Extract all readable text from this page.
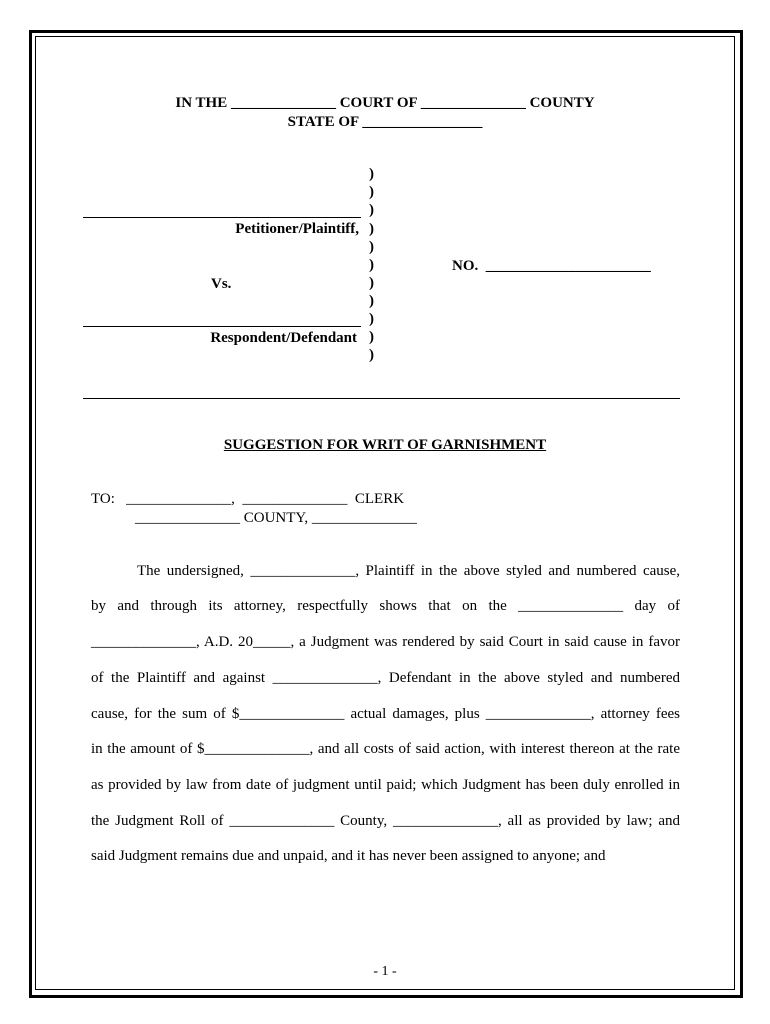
IN THE ______________ COURT OF ______________ COUNTY
STATE OF ________________
)
)
)
)
)
)
)
)
)
)
)
Petitioner/Plaintiff,
Vs.
Respondent/Defendant
NO.  ______________________
SUGGESTION FOR WRIT OF GARNISHMENT
TO:   ______________,  ______________  CLERK
______________ COUNTY, ______________
The undersigned, ______________, Plaintiff in the above styled and numbered cause,
by and through its attorney, respectfully shows that on the ______________ day of
______________, A.D. 20_____, a Judgment was rendered by said Court in said cause in favor
of the Plaintiff and against ______________, Defendant in the above styled and numbered
cause, for the sum of $______________ actual damages, plus ______________, attorney fees
in the amount of $______________, and all costs of said action, with interest thereon at the rate
as provided by law from date of judgment until paid; which Judgment has been duly enrolled in
the Judgment Roll of ______________ County, ______________, all as provided by law; and
said Judgment remains due and unpaid, and it has never been assigned to anyone; and
- 1 -
